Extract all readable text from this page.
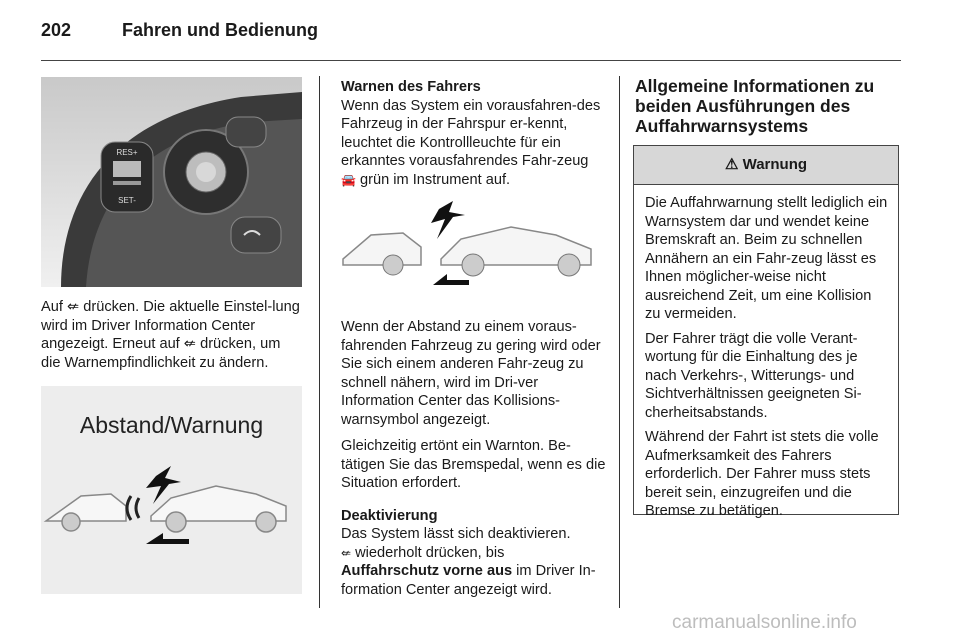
202	Fahren und Bedienung
RES+
SET-

Auf ⇍ drücken. Die aktuelle Einstel-lung wird im Driver Information Center angezeigt. Erneut auf ⇍ drücken, um die Warnempfindlichkeit zu ändern.

Abstand/Warnung

Warnen des Fahrers
Wenn das System ein vorausfahren-des Fahrzeug in der Fahrspur er-kennt, leuchtet die Kontrollleuchte für ein erkanntes vorausfahrendes Fahr-zeug 🚘 grün im Instrument auf.

Wenn der Abstand zu einem voraus-fahrenden Fahrzeug zu gering wird oder Sie sich einem anderen Fahr-zeug zu schnell nähern, wird im Dri-ver Information Center das Kollisions-warnsymbol angezeigt.

Gleichzeitig ertönt ein Warnton. Be-tätigen Sie das Bremspedal, wenn es die Situation erfordert.

Deaktivierung
Das System lässt sich deaktivieren.
⇍ wiederholt drücken, bis
Auffahrschutz vorne aus im Driver In-formation Center angezeigt wird.

Allgemeine Informationen zu beiden Ausführungen des Auffahrwarnsystems
⚠ Warnung

Die Auffahrwarnung stellt lediglich ein Warnsystem dar und wendet keine Bremskraft an. Beim zu schnellen Annähern an ein Fahr-zeug lässt es Ihnen möglicher-weise nicht ausreichend Zeit, um eine Kollision zu vermeiden.

Der Fahrer trägt die volle Verant-wortung für die Einhaltung des je nach Verkehrs-, Witterungs- und Sichtverhältnissen geeigneten Si-cherheitsabstands.

Während der Fahrt ist stets die volle Aufmerksamkeit des Fahrers erforderlich. Der Fahrer muss stets bereit sein, einzugreifen und die Bremse zu betätigen.

carmanualsonline.info
